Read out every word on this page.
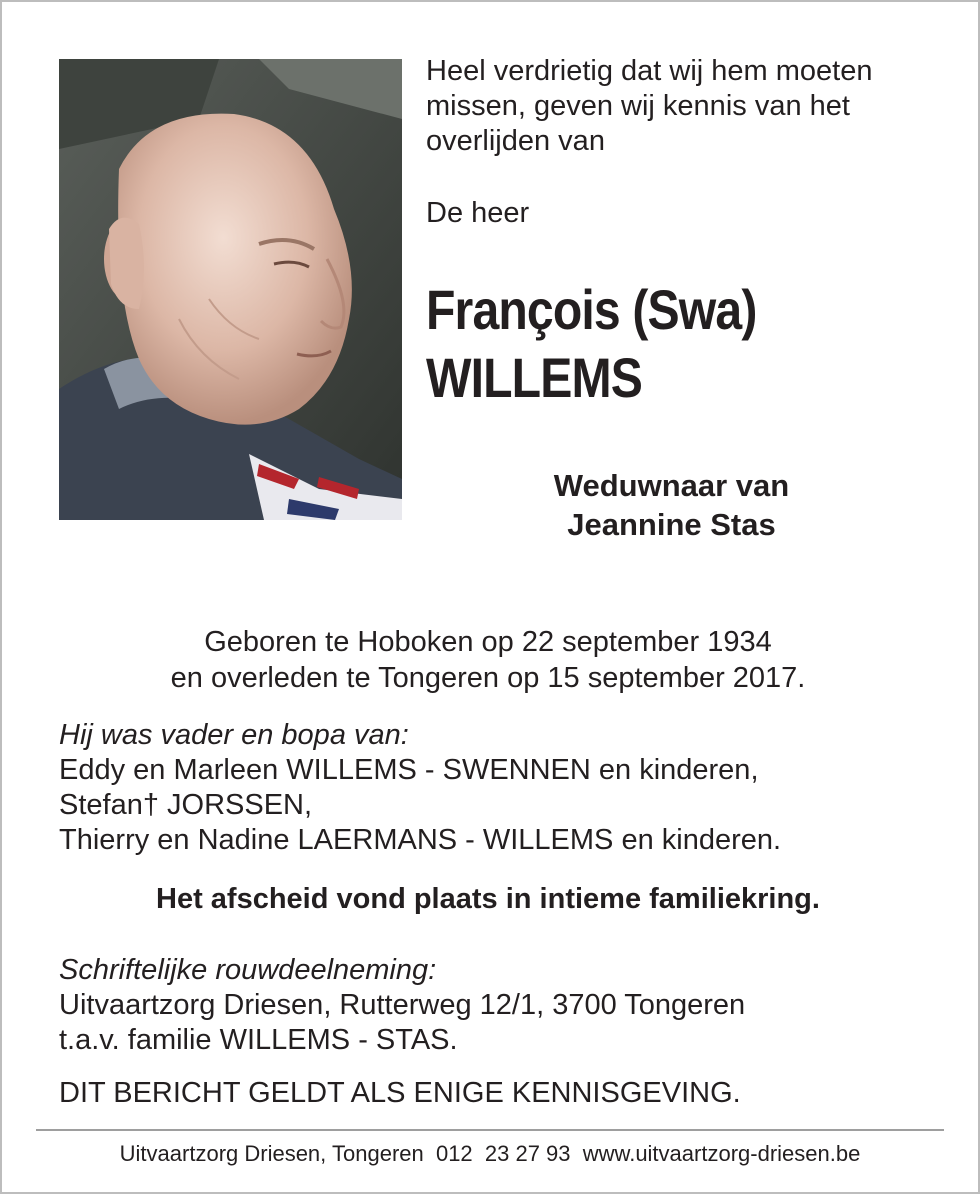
Heel verdrietig dat wij hem moeten
missen, geven wij kennis van het
overlijden van

De heer

François (Swa)
WILLEMS
Weduwnaar van
Jeannine Stas
Geboren te Hoboken op 22 september 1934
en overleden te Tongeren op 15 september 2017.
Hij was vader en bopa van:
Eddy en Marleen WILLEMS - SWENNEN en kinderen,
Stefan† JORSSEN,
Thierry en Nadine LAERMANS - WILLEMS en kinderen.
Het afscheid vond plaats in intieme familiekring.
Schriftelijke rouwdeelneming:
Uitvaartzorg Driesen, Rutterweg 12/1, 3700 Tongeren
t.a.v. familie WILLEMS - STAS.
DIT BERICHT GELDT ALS ENIGE KENNISGEVING.
Uitvaartzorg Driesen, Tongeren  012  23 27 93  www.uitvaartzorg-driesen.be
